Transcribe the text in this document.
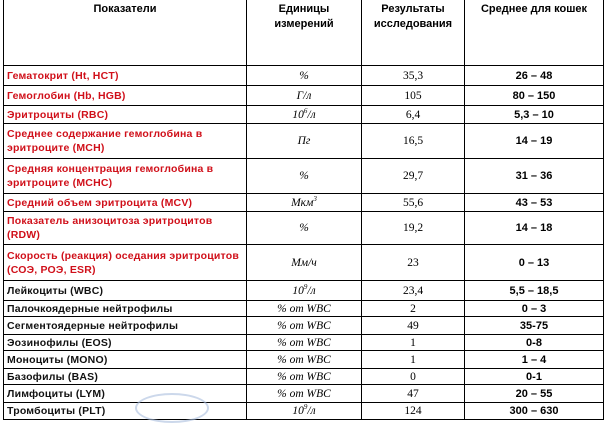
Показатели	Единицы измерений	Результаты исследования	Среднее для кошек
Гематокрит (Ht, HCT)	%	35,3	26 – 48
Гемоглобин (Hb, HGB)	Г/л	105	80 – 150
Эритроциты (RBC)	$10^6/л$	6,4	5,3 – 10
Среднее содержание гемоглобина в эритроците (MCH)	Пг	16,5	14 – 19
Средняя концентрация гемоглобина в эритроците (MCHC)	%	29,7	31 – 36
Средний объем эритроцита (MCV)	Мкм$^3$	55,6	43 – 53
Показатель анизоцитоза эритроцитов (RDW)	%	19,2	14 – 18
Скорость (реакция) оседания эритроцитов (СОЭ, РОЭ, ESR)	Мм/ч	23	0 – 13
Лейкоциты (WBC)	$10^9/л$	23,4	5,5 – 18,5
Палочкоядерные нейтрофилы	% от WBC	2	0 – 3
Сегментоядерные нейтрофилы	% от WBC	49	35-75
Эозинофилы (EOS)	% от WBC	1	0-8
Моноциты (MONO)	% от WBC	1	1 – 4
Базофилы (BAS)	% от WBC	0	0-1
Лимфоциты (LYM)	% от WBC	47	20 – 55
Тромбоциты (PLT)	$10^9/л$	124	300 – 630
